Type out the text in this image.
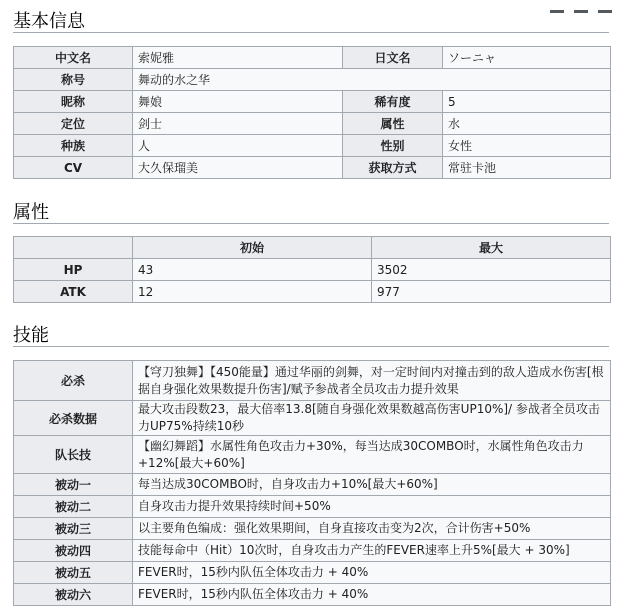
基本信息
中文名	索妮雅	日文名	ソーニャ
称号	舞动的水之华		
昵称	舞娘	稀有度	5
定位	剑士	属性	水
种族	人	性别	女性
CV	大久保瑠美	获取方式	常驻卡池
属性
	初始	最大
HP	43	3502
ATK	12	977
技能
必杀	【穹刀独舞】【450能量】通过华丽的剑舞，对一定时间内对撞击到的敌人造成水伤害[根据自身强化效果数提升伤害]/赋予参战者全员攻击力提升效果
必杀数据	最大攻击段数23，最大倍率13.8[随自身强化效果数越高伤害UP10%]/ 参战者全员攻击力UP75%持续10秒
队长技	【幽幻舞蹈】水属性角色攻击力+30%，每当达成30COMBO时，水属性角色攻击力+12%[最大+60%]
被动一	每当达成30COMBO时，自身攻击力+10%[最大+60%]
被动二	自身攻击力提升效果持续时间+50%
被动三	以主要角色编成：强化效果期间，自身直接攻击变为2次，合计伤害+50%
被动四	技能每命中（Hit）10次时，自身攻击力产生的FEVER速率上升5%[最大 + 30%]
被动五	FEVER时，15秒内队伍全体攻击力 + 40%
被动六	FEVER时，15秒内队伍全体攻击力 + 40%
